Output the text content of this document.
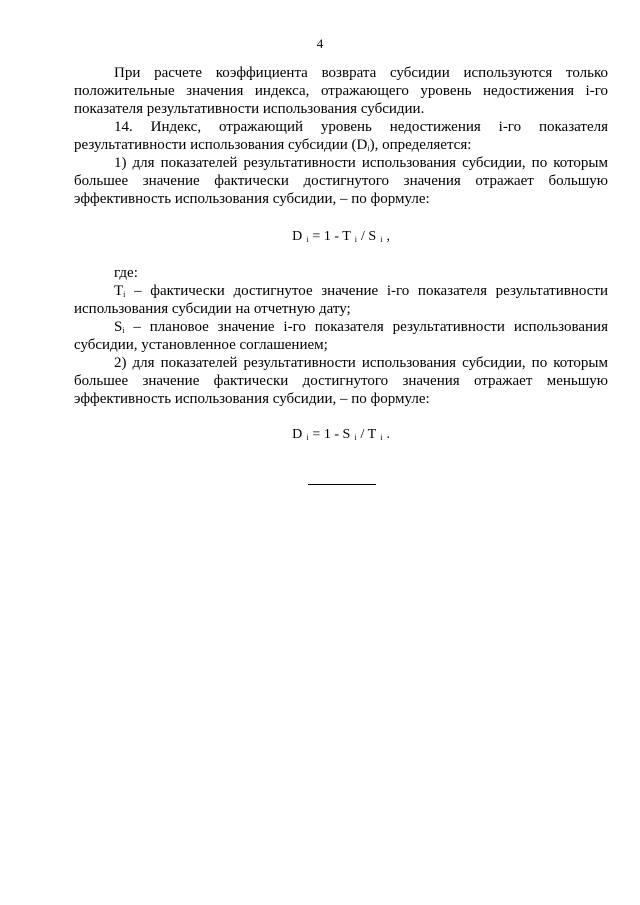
4

При расчете коэффициента возврата субсидии используются только положительные значения индекса, отражающего уровень недостижения i-го показателя результативности использования субсидии.

14. Индекс, отражающий уровень недостижения i-го показателя результативности использования субсидии $(D_i)$, определяется:

1) для показателей результативности использования субсидии, по которым большее значение фактически достигнутого значения отражает большую эффективность использования субсидии, – по формуле:

D $_i$ = 1 - T $_i$ / S $_i$ ,

где:

$T_i$ – фактически достигнутое значение i-го показателя результативности использования субсидии на отчетную дату;

$S_i$ – плановое значение i-го показателя результативности использования субсидии, установленное соглашением;

2) для показателей результативности использования субсидии, по которым большее значение фактически достигнутого значения отражает меньшую эффективность использования субсидии, – по формуле:

D $_i$ = 1 - S $_i$ / T $_i$ .
